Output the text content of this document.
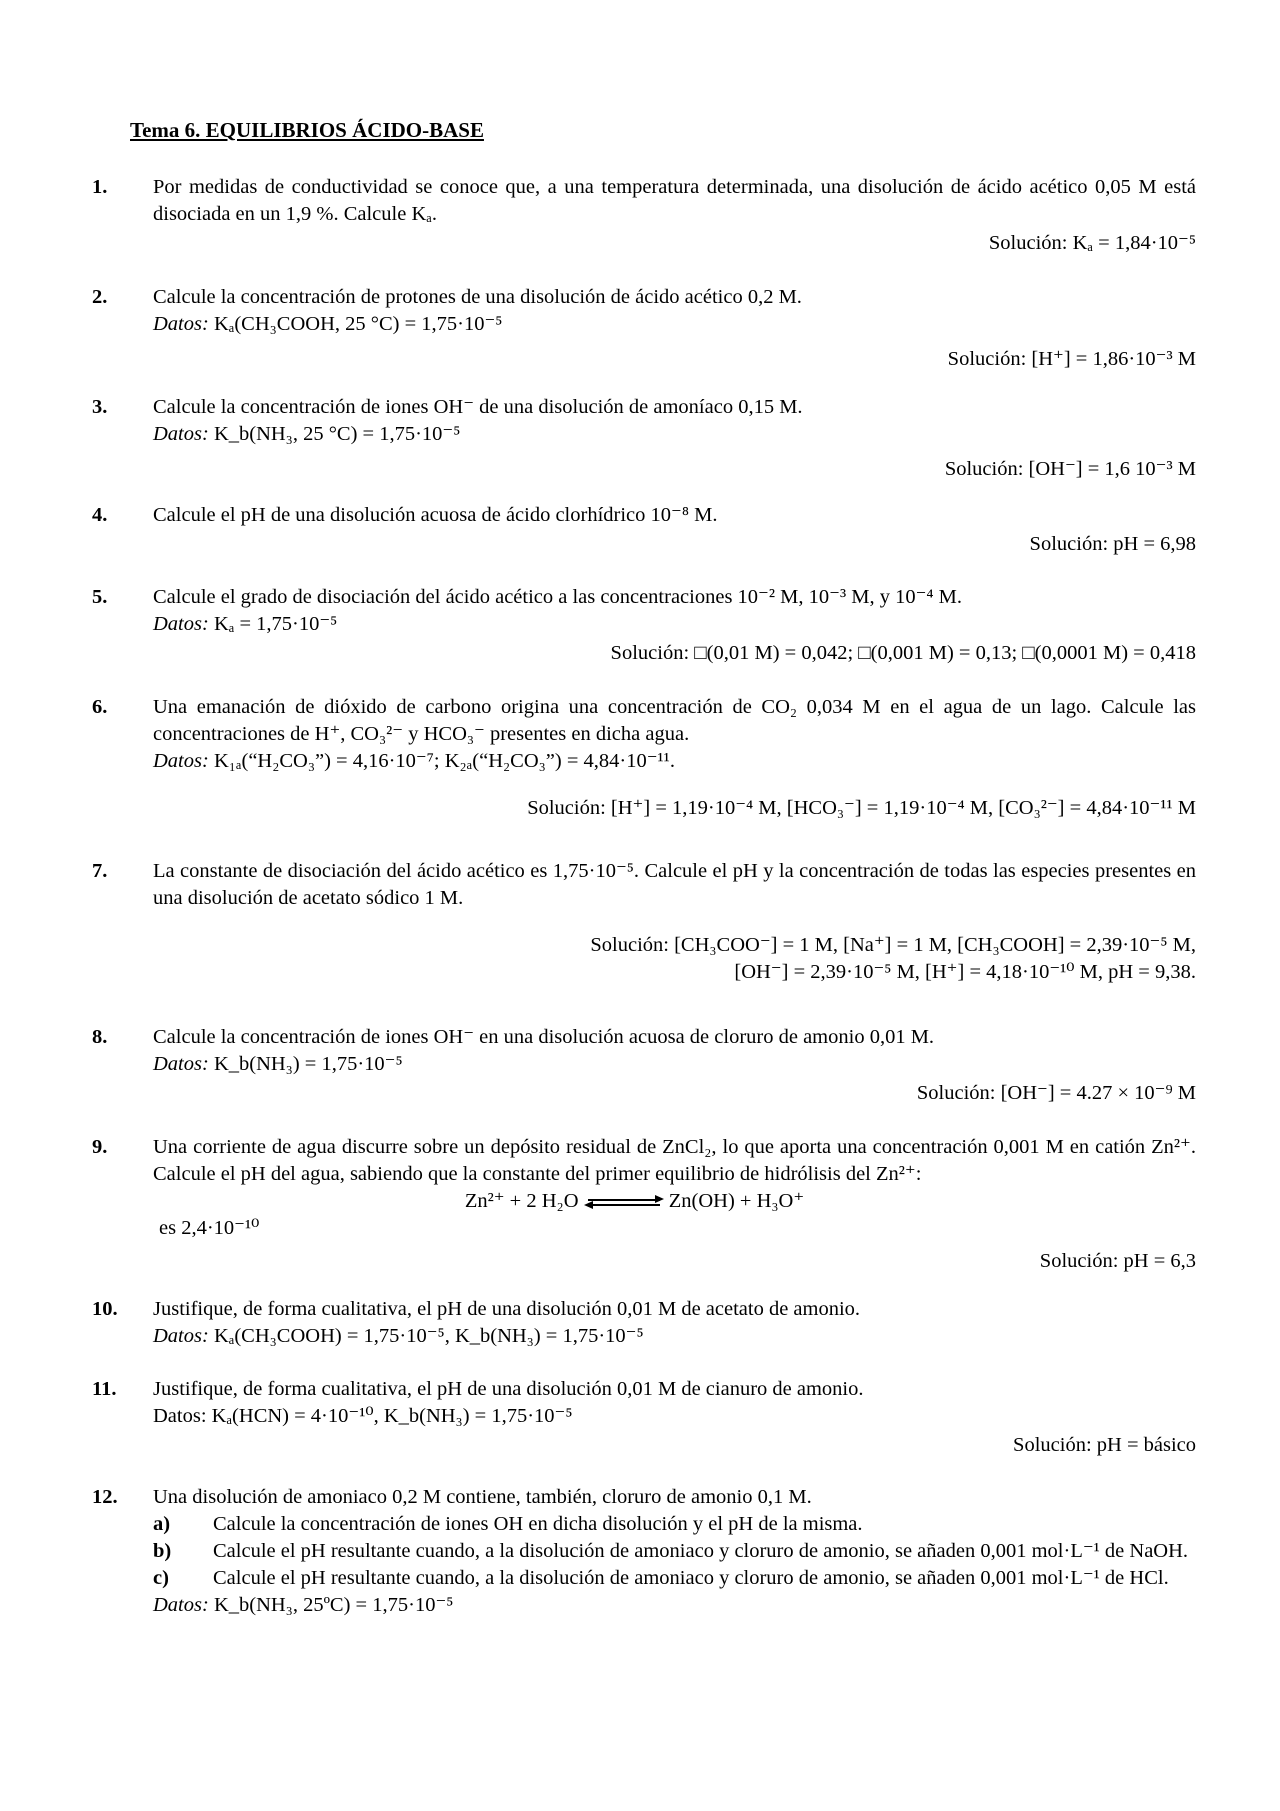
Tema 6. EQUILIBRIOS ÁCIDO-BASE
1. Por medidas de conductividad se conoce que, a una temperatura determinada, una disolución de ácido acético 0,05 M está disociada en un 1,9 %. Calcule Kₐ.
Solución: Kₐ = 1,84·10⁻⁵
2. Calcule la concentración de protones de una disolución de ácido acético 0,2 M.
Datos: Kₐ(CH₃COOH, 25 °C) = 1,75·10⁻⁵
Solución: [H⁺] = 1,86·10⁻³ M
3. Calcule la concentración de iones OH⁻ de una disolución de amoníaco 0,15 M.
Datos: K_b(NH₃, 25 °C) = 1,75·10⁻⁵
Solución: [OH⁻] = 1,6 10⁻³ M
4. Calcule el pH de una disolución acuosa de ácido clorhídrico 10⁻⁸ M.
Solución: pH = 6,98
5. Calcule el grado de disociación del ácido acético a las concentraciones 10⁻² M, 10⁻³ M, y 10⁻⁴ M.
Datos: Kₐ = 1,75·10⁻⁵
Solución: □(0,01 M) = 0,042; □(0,001 M) = 0,13; □(0,0001 M) = 0,418
6. Una emanación de dióxido de carbono origina una concentración de CO₂ 0,034 M en el agua de un lago. Calcule las concentraciones de H⁺, CO₃²⁻ y HCO₃⁻ presentes en dicha agua.
Datos: K₁ₐ(“H₂CO₃”) = 4,16·10⁻⁷; K₂ₐ(“H₂CO₃”) = 4,84·10⁻¹¹.
Solución: [H⁺] = 1,19·10⁻⁴ M, [HCO₃⁻] = 1,19·10⁻⁴ M, [CO₃²⁻] = 4,84·10⁻¹¹ M
7. La constante de disociación del ácido acético es 1,75·10⁻⁵. Calcule el pH y la concentración de todas las especies presentes en una disolución de acetato sódico 1 M.
Solución: [CH₃COO⁻] = 1 M, [Na⁺] = 1 M, [CH₃COOH] = 2,39·10⁻⁵ M,
[OH⁻] = 2,39·10⁻⁵ M, [H⁺] = 4,18·10⁻¹⁰ M, pH = 9,38.
8. Calcule la concentración de iones OH⁻ en una disolución acuosa de cloruro de amonio 0,01 M.
Datos: K_b(NH₃) = 1,75·10⁻⁵
Solución: [OH⁻] = 4.27 × 10⁻⁹ M
9. Una corriente de agua discurre sobre un depósito residual de ZnCl₂, lo que aporta una concentración 0,001 M en catión Zn²⁺. Calcule el pH del agua, sabiendo que la constante del primer equilibrio de hidrólisis del Zn²⁺:
Zn²⁺ + 2 H₂O	Zn(OH) + H₃O⁺
es 2,4·10⁻¹⁰
Solución: pH = 6,3
10. Justifique, de forma cualitativa, el pH de una disolución 0,01 M de acetato de amonio.
Datos: Kₐ(CH₃COOH) = 1,75·10⁻⁵, K_b(NH₃) = 1,75·10⁻⁵
11. Justifique, de forma cualitativa, el pH de una disolución 0,01 M de cianuro de amonio.
Datos: Kₐ(HCN) = 4·10⁻¹⁰, K_b(NH₃) = 1,75·10⁻⁵
Solución: pH = básico
12. Una disolución de amoniaco 0,2 M contiene, también, cloruro de amonio 0,1 M.
a)	Calcule la concentración de iones OH en dicha disolución y el pH de la misma.
b)	Calcule el pH resultante cuando, a la disolución de amoniaco y cloruro de amonio, se añaden 0,001 mol·L⁻¹ de NaOH.
c)	Calcule el pH resultante cuando, a la disolución de amoniaco y cloruro de amonio, se añaden 0,001 mol·L⁻¹ de HCl.
Datos: K_b(NH₃, 25ºC) = 1,75·10⁻⁵
